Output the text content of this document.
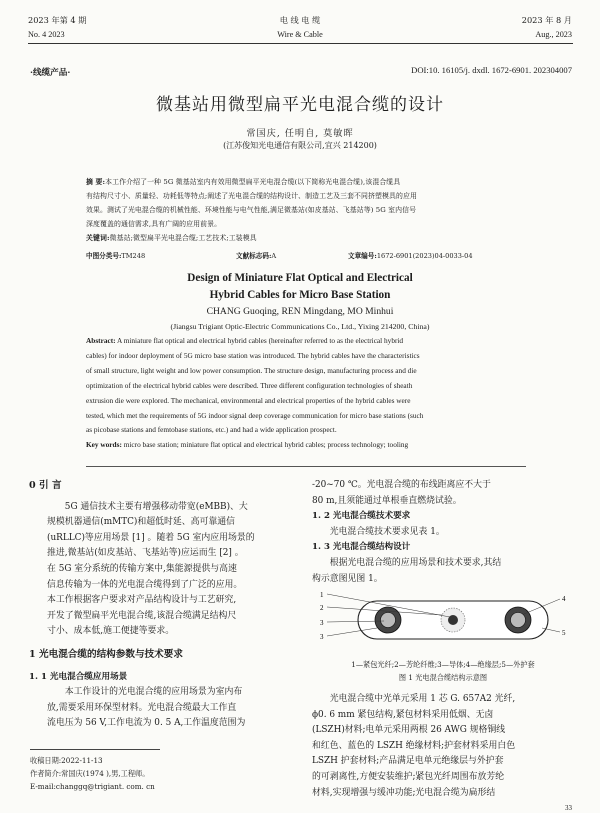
2023 年第 4 期
No. 4 2023
电 线 电 缆
Wire & Cable
2023 年 8 月
Aug., 2023
·线缆产品·	DOI:10. 16105/j. dxdl. 1672-6901. 202304007
微基站用微型扁平光电混合缆的设计
常国庆, 任明自, 莫敏晖
(江苏俊知光电通信有限公司,宜兴 214200)
摘 要:本工作介绍了一种 5G 微基站室内有效用微型扁平光电混合缆(以下简称光电混合缆),该混合缆具
有结构尺寸小、质量轻、功耗低等特点;阐述了光电混合缆的结构设计、制造工艺及三套不同挤塑模具的应用
效果。测试了光电混合缆的机械性能、环境性能与电气性能,满足微基站(如皮基站、飞基站等) 5G 室内信号
深度覆盖的通信需求,具有广阔的应用前景。
关键词:微基站;微型扁平光电混合缆;工艺技术;工装模具
中图分类号:TM248	文献标志码:A	文章编号:1672-6901(2023)04-0033-04
Design of Miniature Flat Optical and Electrical
Hybrid Cables for Micro Base Station
CHANG Guoqing, REN Mingdang, MO Minhui
(Jiangsu Trigiant Optic-Electric Communications Co., Ltd., Yixing 214200, China)
Abstract: A miniature flat optical and electrical hybrid cables (hereinafter referred to as the electrical hybrid
cables) for indoor deployment of 5G micro base station was introduced. The hybrid cables have the characteristics
of small structure, light weight and low power consumption. The structure design, manufacturing process and die
optimization of the electrical hybrid cables were described. Three different configuration technologies of sheath
extrusion die were explored. The mechanical, environmental and electrical properties of the hybrid cables were
tested, which met the requirements of 5G indoor signal deep coverage communication for micro base stations (such
as picobase stations and femtobase stations, etc.) and had a wide application prospect.
Key words: micro base station; miniature flat optical and electrical hybrid cables; process technology; tooling

0 引 言

5G 通信技术主要有增强移动带宽(eMBB)、大

规模机器通信(mMTC)和超低时延、高可靠通信

(uRLLC)等应用场景 [1] 。随着 5G 室内应用场景的

推进,微基站(如皮基站、飞基站等)应运而生 [2] 。

在 5G 室分系统的传输方案中,集能源提供与高速

信息传输为一体的光电混合缆得到了广泛的应用。

本工作根据客户要求对产品结构设计与工艺研究,

开发了微型扁平光电混合缆,该混合缆满足结构尺

寸小、成本低,施工便捷等要求。

1 光电混合缆的结构参数与技术要求

1. 1 光电混合缆应用场景

本工作设计的光电混合缆的应用场景为室内布

放,需要采用环保型材料。光电混合缆最大工作直

流电压为 56 V,工作电流为 0. 5 A,工作温度范围为

收稿日期:2022-11-13
作者简介:常国庆(1974 ),男,工程师。
E-mail:changgq@trigiant. com. cn

-20~70 ℃。光电混合缆的布线距离应不大于

80 m,且须能通过单根垂直燃烧试验。

1. 2 光电混合缆技术要求

光电混合缆技术要求见表 1。

1. 3 光电混合缆结构设计

根据光电混合缆的应用场景和技术要求,其结

构示意图见图 1。

1
2
3
4
3	5
1—紧包光纤;2—芳纶纤维;3—导体;4—绝缘层;5—外护套
图 1 光电混合缆结构示意图

光电混合缆中光单元采用 1 芯 G. 657A2 光纤,

ϕ0. 6 mm 紧包结构,紧包材料采用低烟、无卤

(LSZH)材料;电单元采用两根 26 AWG 规格铜线

和红色、蓝色的 LSZH 绝缘材料;护套材料采用白色

LSZH 护套材料;产品满足电单元绝缘层与外护套

的可剥离性,方便安装维护;紧包光纤周围布放芳纶

材料,实现增强与缓冲功能;光电混合缆为扁形结

33
